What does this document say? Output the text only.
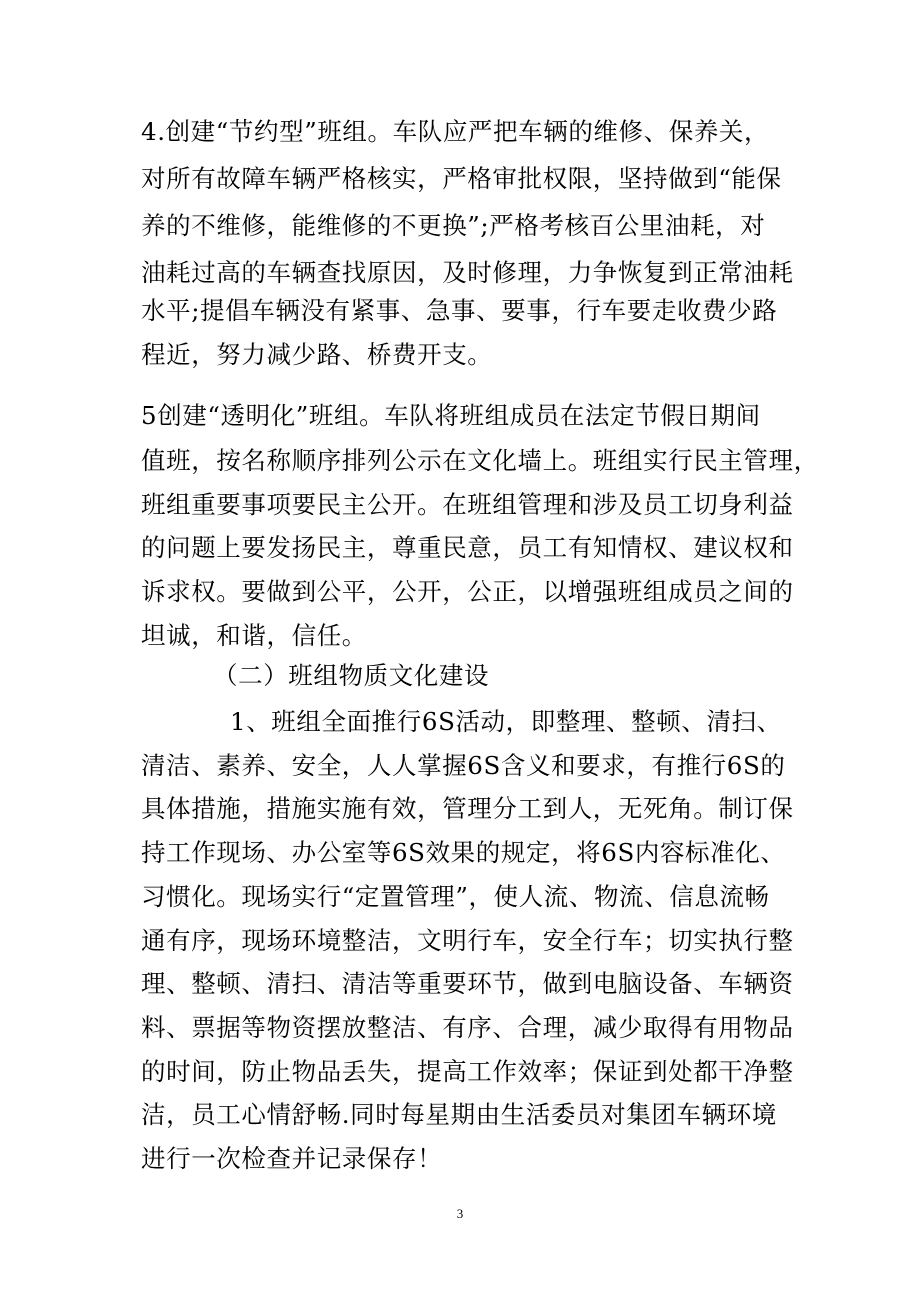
4.创建“节约型”班组。车队应严把车辆的维修、保养关，
对所有故障车辆严格核实，严格审批权限，坚持做到“能保
养的不维修，能维修的不更换”;严格考核百公里油耗，对
油耗过高的车辆查找原因，及时修理，力争恢复到正常油耗
水平;提倡车辆没有紧事、急事、要事，行车要走收费少路
程近，努力减少路、桥费开支。
5创建“透明化”班组。车队将班组成员在法定节假日期间
值班，按名称顺序排列公示在文化墙上。班组实行民主管理，
班组重要事项要民主公开。在班组管理和涉及员工切身利益
的问题上要发扬民主，尊重民意，员工有知情权、建议权和
诉求权。要做到公平，公开，公正，以增强班组成员之间的
坦诚，和谐，信任。
（二）班组物质文化建设
1、班组全面推行6S活动，即整理、整顿、清扫、
清洁、素养、安全，人人掌握6S含义和要求，有推行6S的
具体措施，措施实施有效，管理分工到人，无死角。制订保
持工作现场、办公室等6S效果的规定，将6S内容标准化、
习惯化。现场实行“定置管理”，使人流、物流、信息流畅
通有序，现场环境整洁，文明行车，安全行车；切实执行整
理、整顿、清扫、清洁等重要环节，做到电脑设备、车辆资
料、票据等物资摆放整洁、有序、合理，减少取得有用物品
的时间，防止物品丢失，提高工作效率；保证到处都干净整
洁，员工心情舒畅.同时每星期由生活委员对集团车辆环境
进行一次检查并记录保存！
3
